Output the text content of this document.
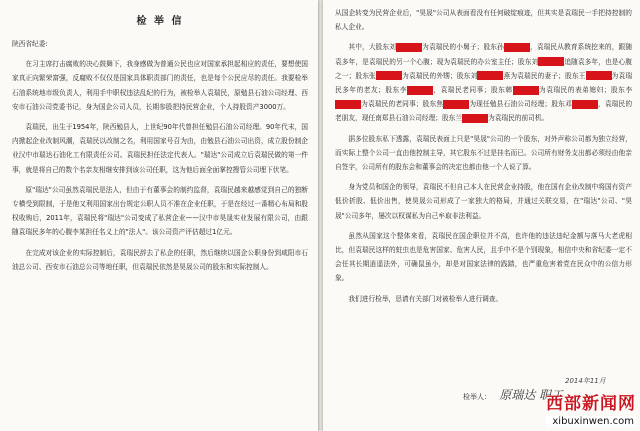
检 举 信

陕西省纪委:

在习主席打击腐败的决心鼓舞下，我身感做为普通公民也应对国家承担起相应的责任，要想使国家真正向繁荣富强，反腐败不仅仅是国家具体职责部门的责任，也是每个公民应尽的责任。我要检举石油系统地市级负责人，利用手中职权违法乱纪的行为，被检举人袁瑞民，原勉县石油公司经理、西安市石油公司党委书记，身为国企公司人员，长期参股把持民营企业，个人持股资产3000万。

袁瑞民，出生于1954年，陕西勉县人，上世纪90年代曾担任勉县石油公司经理。90年代末，国内掀起企业改制风潮，袁瑞民以改制之名，利用国家号召为由，由勉县石油公司出资，成立股份制企业汉中市瑞达石油化工有限责任公司。袁瑞民担任法定代表人。"瑞达"公司成立后袁瑞民做的第一件事，就是将自己的数个名亲友相继安排到该公司任职，这为他后面全面掌控搜管公司埋下伏笔。

原"瑞达"公司虽然袁瑞民是法人，但由于有董事会的制约监督，袁瑞民越来越感觉到自己的独断专横受到限制，于是他又利用国家出台规定公职人员不准在企业任职，于是在经过一番精心布局和股权收购后，2011年，袁瑞民将"瑞达"公司变成了私营企业——汉中市昊晟实业发展有限公司，由跟随袁瑞民多年的心腹李某担任名义上的"法人"。该公司资产评估超过1亿元。

在完成对该企业的实际控制后，袁瑞民辞去了私企的任职，然后继续以国企公职身份到咸阳市石油总公司、西安市石油总公司等地任职，但袁瑞民依然是昊晟公司的股东和实际控制人。

从国企转变为民营企业后，"昊晟"公司从表面看没有任何破绽痕迹，但其实是袁瑞民一手把持控制的私人企业。

其中，大股东刘	为袁瑞民的小舅子；股东孙	，袁瑞民从教育系统挖来的，跟随袁多年，是袁瑞民的另一个心腹；现为袁瑞民的办公室主任；股东刘	追随袁多年，也是心腹之一；股东张	为袁瑞民的外甥；股东刘	燕为袁瑞民的妻子；股东王	为袁瑞民多年的老友；股东李	，袁瑞民老同事；股东韩	为袁瑞民的表弟媳妇；股东李为袁瑞民的老同事；股东焦	为现任勉县石油公司经理；股东邓	，袁瑞民的老朋友，现任南郑县石油公司经理；股东兰	为袁瑞民的前司机。

据多位股东私下透露，袁瑞民表面上只是"昊晟"公司的一个股东，对外声称公司都为独立经营，而实际上整个公司一直由他控制主导，其它股东不过是挂名而已。公司所有财务支出都必须经由他亲自签字，公司所有的股东会和董事会的决定也都由他一个人说了算。

身为党员和国企的领导，袁瑞民不但自己本人在民营企业持股，他在国有企业改制中将国有资产低价折股、低价出售，使昊晟公司形成了一家独大的格局，并通过关联交易，在"瑞达"公司、"昊晟"公司多年，屡次以权谋私为自己牟取非法利益。

虽然从国家这个整体来看，袁瑞民在国企职位并不高，也许他的违法违纪金额与落马大老虎相比，但袁瑞民这样的蛀虫也是危害国家、危害人民，且手中不是个别现象，相信中央和省纪委一定不会任其长期逍遥法外，可确鼠虽小，却是对国家法律的践踏，也严重危害着党在民众中的公信力形象。

我们进行检举，恳请有关部门对被检举人进行调查。

2014年11月
检举人： 原瑞达 职工
西部新闻网
xibuxinwen.com
